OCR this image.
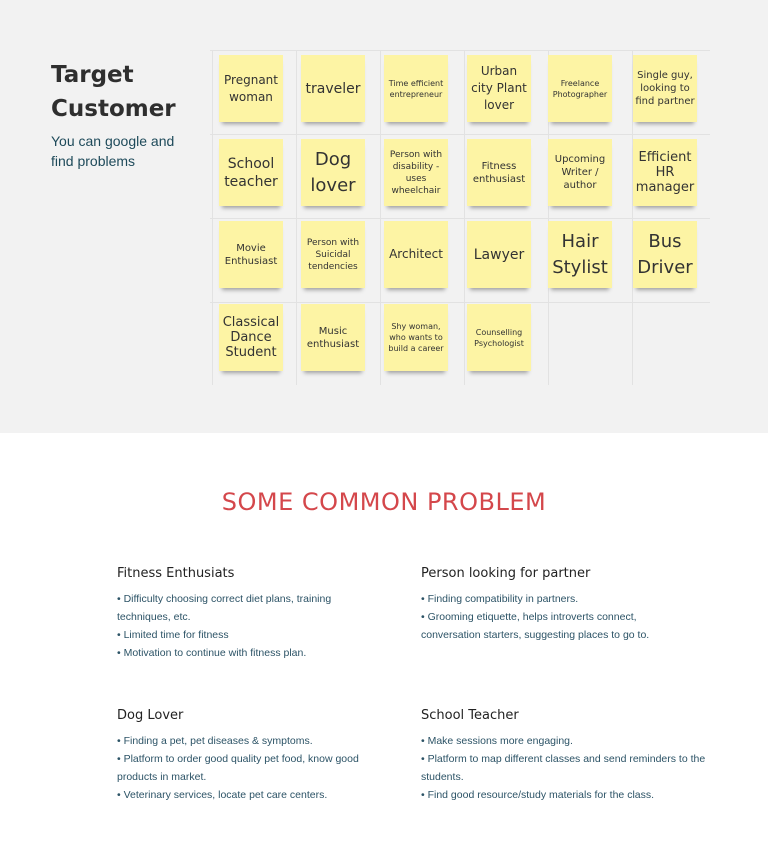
Target Customer
You can google and find problems
Pregnant woman	traveler	Time efficient entrepreneur
Urban city Plant lover
Freelance Photographer
Single guy, looking to find partner
School teacher
Dog lover
Person with disability - uses wheelchair
Fitness enthusiast
Upcoming Writer / author
Efficient HR manager
Movie Enthusiast
Person with Suicidal tendencies
Architect	Lawyer
Hair Stylist
Bus Driver
Classical Dance Student
Music enthusiast
Shy woman, who wants to build a career
Counselling Psychologist
SOME COMMON PROBLEM
Fitness Enthusiats

• Difficulty choosing correct diet plans, training techniques, etc.

• Limited time for fitness

• Motivation to continue with fitness plan.

Person looking for partner

• Finding compatibility in partners.

• Grooming etiquette, helps introverts connect, conversation starters, suggesting places to go to.

Dog Lover

• Finding a pet, pet diseases & symptoms.

• Platform to order good quality pet food, know good products in market.

• Veterinary services, locate pet care centers.

School Teacher

• Make sessions more engaging.

• Platform to map different classes and send reminders to the students.

• Find good resource/study materials for the class.
